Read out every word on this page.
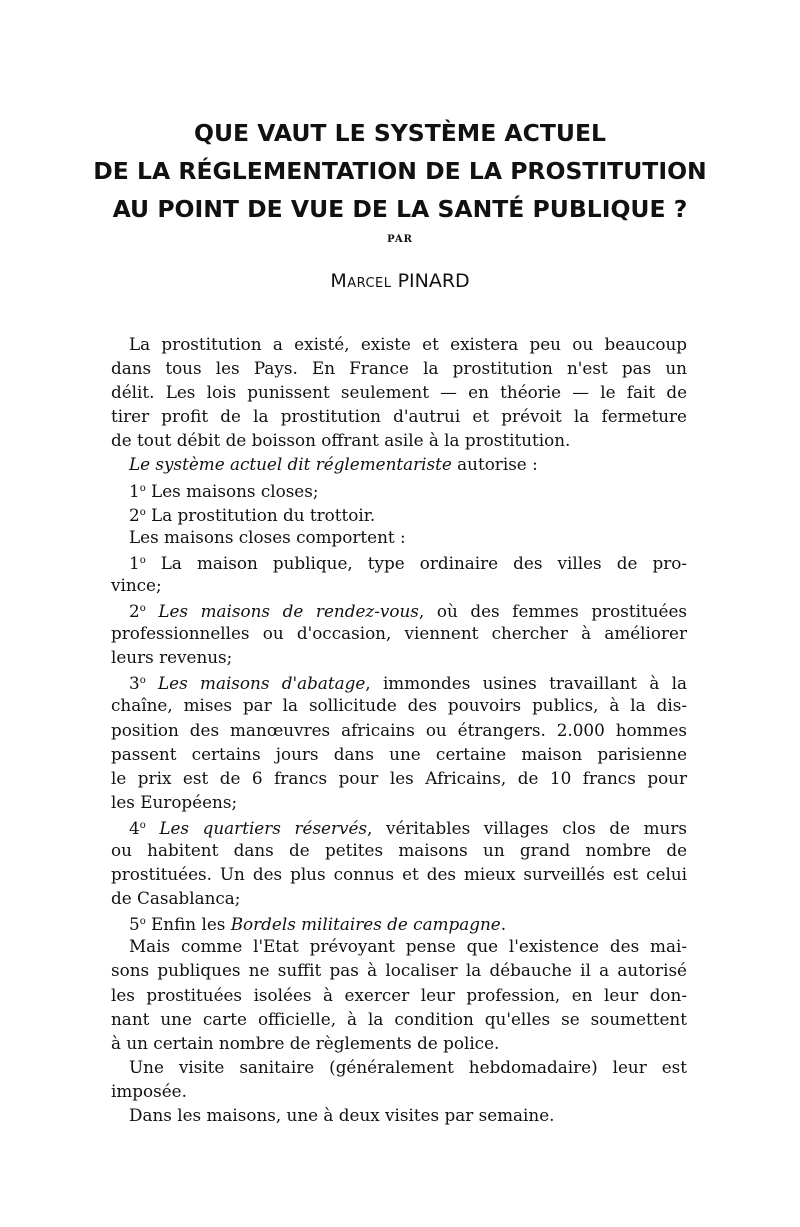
QUE VAUT LE SYSTÈME ACTUEL
DE LA RÉGLEMENTATION DE LA PROSTITUTION
AU POINT DE VUE DE LA SANTÉ PUBLIQUE ?
PAR
Marcel PINARD
La prostitution a existé, existe et existera peu ou beaucoup
dans tous les Pays. En France la prostitution n'est pas un
délit. Les lois punissent seulement — en théorie — le fait de
tirer profit de la prostitution d'autrui et prévoit la fermeture
de tout débit de boisson offrant asile à la prostitution.
Le système actuel dit réglementariste autorise :
1$^o$ Les maisons closes;
2$^o$ La prostitution du trottoir.
Les maisons closes comportent :
1$^o$ La maison publique, type ordinaire des villes de pro-
vince;
2$^o$ Les maisons de rendez-vous, où des femmes prostituées
professionnelles ou d'occasion, viennent chercher à améliorer
leurs revenus;
3$^o$ Les maisons d'abatage, immondes usines travaillant à la
chaîne, mises par la sollicitude des pouvoirs publics, à la dis-
position des manœuvres africains ou étrangers. 2.000 hommes
passent certains jours dans une certaine maison parisienne
le prix est de 6 francs pour les Africains, de 10 francs pour
les Européens;
4$^o$ Les quartiers réservés, véritables villages clos de murs
ou habitent dans de petites maisons un grand nombre de
prostituées. Un des plus connus et des mieux surveillés est celui
de Casablanca;
5$^o$ Enfin les Bordels militaires de campagne.
Mais comme l'Etat prévoyant pense que l'existence des mai-
sons publiques ne suffit pas à localiser la débauche il a autorisé
les prostituées isolées à exercer leur profession, en leur don-
nant une carte officielle, à la condition qu'elles se soumettent
à un certain nombre de règlements de police.
Une visite sanitaire (généralement hebdomadaire) leur est
imposée.
Dans les maisons, une à deux visites par semaine.
